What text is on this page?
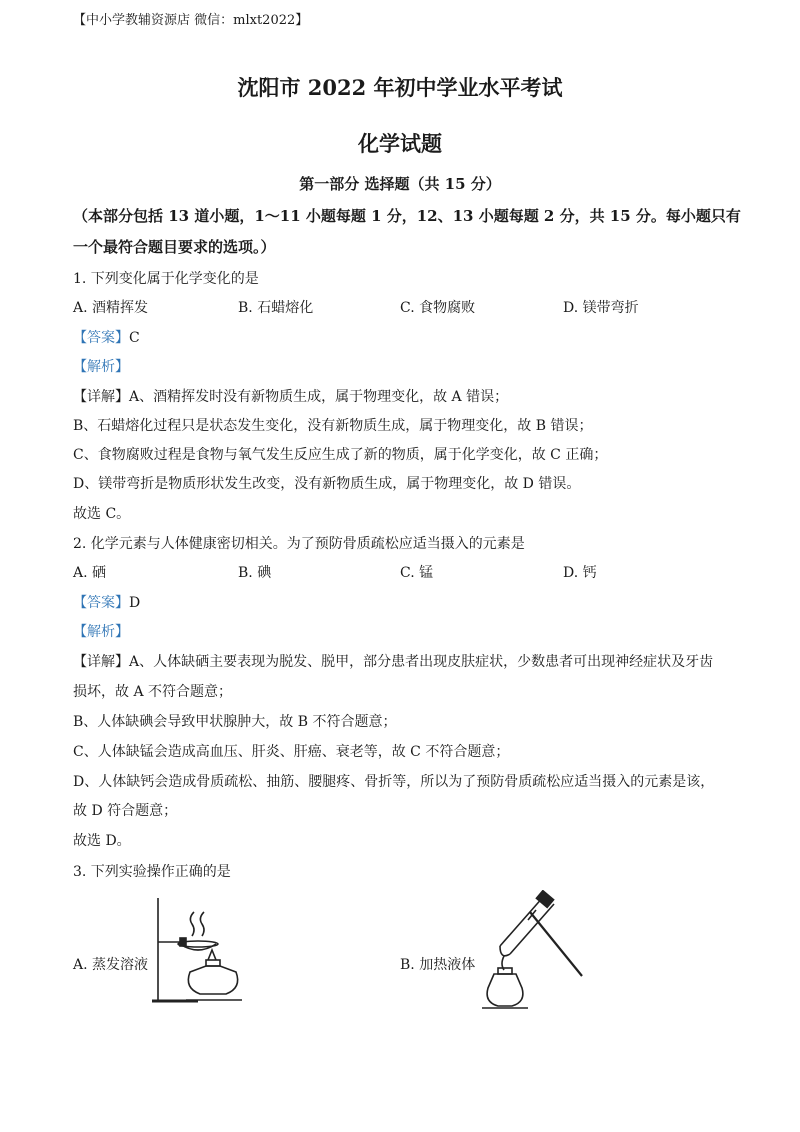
【中小学教辅资源店 微信：mlxt2022】
沈阳市 2022 年初中学业水平考试
化学试题
第一部分 选择题（共 15 分）
（本部分包括 13 道小题，1～11 小题每题 1 分，12、13 小题每题 2 分，共 15 分。每小题只有
一个最符合题目要求的选项。）
1. 下列变化属于化学变化的是
A. 酒精挥发	B. 石蜡熔化	C. 食物腐败	D. 镁带弯折
【答案】C
【解析】
【详解】A、酒精挥发时没有新物质生成，属于物理变化，故 A 错误；
B、石蜡熔化过程只是状态发生变化，没有新物质生成，属于物理变化，故 B 错误；
C、食物腐败过程是食物与氧气发生反应生成了新的物质，属于化学变化，故 C 正确；
D、镁带弯折是物质形状发生改变，没有新物质生成，属于物理变化，故 D 错误。
故选 C。
2. 化学元素与人体健康密切相关。为了预防骨质疏松应适当摄入的元素是
A. 硒	B. 碘	C. 锰	D. 钙
【答案】D
【解析】
【详解】A、人体缺硒主要表现为脱发、脱甲，部分患者出现皮肤症状，少数患者可出现神经症状及牙齿
损坏，故 A 不符合题意；
B、人体缺碘会导致甲状腺肿大，故 B 不符合题意；
C、人体缺锰会造成高血压、肝炎、肝癌、衰老等，故 C 不符合题意；
D、人体缺钙会造成骨质疏松、抽筋、腰腿疼、骨折等，所以为了预防骨质疏松应适当摄入的元素是该，
故 D 符合题意；
故选 D。
3. 下列实验操作正确的是
A. 蒸发溶液	B. 加热液体
